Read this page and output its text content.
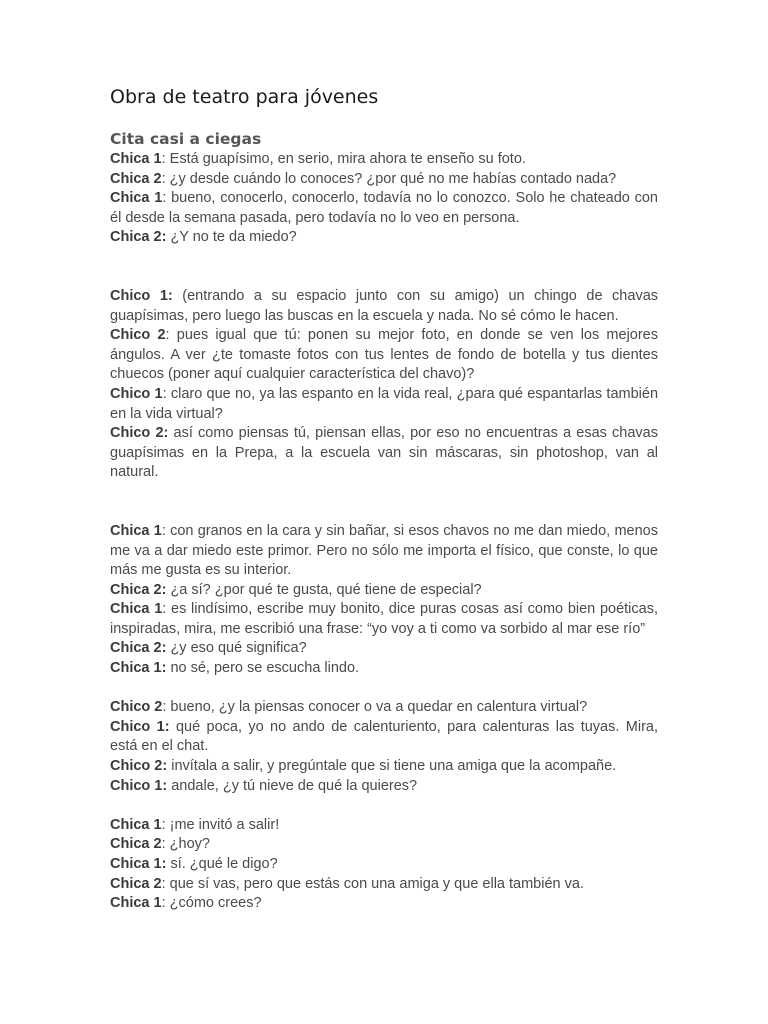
Obra de teatro para jóvenes
Cita casi a ciegas

Chica 1: Está guapísimo, en serio, mira ahora te enseño su foto.

Chica 2: ¿y desde cuándo lo conoces? ¿por qué no me habías contado nada?

Chica 1: bueno, conocerlo, conocerlo, todavía no lo conozco. Solo he chateado con él desde la semana pasada, pero todavía no lo veo en persona.

Chica 2: ¿Y no te da miedo?

Chico 1: (entrando a su espacio junto con su amigo) un chingo de chavas guapísimas, pero luego las buscas en la escuela y nada. No sé cómo le hacen.

Chico 2: pues igual que tú: ponen su mejor foto, en donde se ven los mejores ángulos. A ver ¿te tomaste fotos con tus lentes de fondo de botella y tus dientes chuecos (poner aquí cualquier característica del chavo)?

Chico 1: claro que no, ya las espanto en la vida real, ¿para qué espantarlas también en la vida virtual?

Chico 2: así como piensas tú, piensan ellas, por eso no encuentras a esas chavas guapísimas en la Prepa, a la escuela van sin máscaras, sin photoshop, van al natural.

Chica 1: con granos en la cara y sin bañar, si esos chavos no me dan miedo, menos me va a dar miedo este primor. Pero no sólo me importa el físico, que conste, lo que más me gusta es su interior.

Chica 2: ¿a sí? ¿por qué te gusta, qué tiene de especial?

Chica 1: es lindísimo, escribe muy bonito, dice puras cosas así como bien poéticas, inspiradas, mira, me escribió una frase: “yo voy a ti como va sorbido al mar ese río”

Chica 2: ¿y eso qué significa?

Chica 1: no sé, pero se escucha lindo.

Chico 2: bueno, ¿y la piensas conocer o va a quedar en calentura virtual?

Chico 1: qué poca, yo no ando de calenturiento, para calenturas las tuyas. Mira, está en el chat.

Chico 2: invítala a salir, y pregúntale que si tiene una amiga que la acompañe.

Chico 1: andale, ¿y tú nieve de qué la quieres?

Chica 1: ¡me invitó a salir!

Chica 2: ¿hoy?

Chica 1: sí. ¿qué le digo?

Chica 2: que sí vas, pero que estás con una amiga y que ella también va.

Chica 1: ¿cómo crees?
